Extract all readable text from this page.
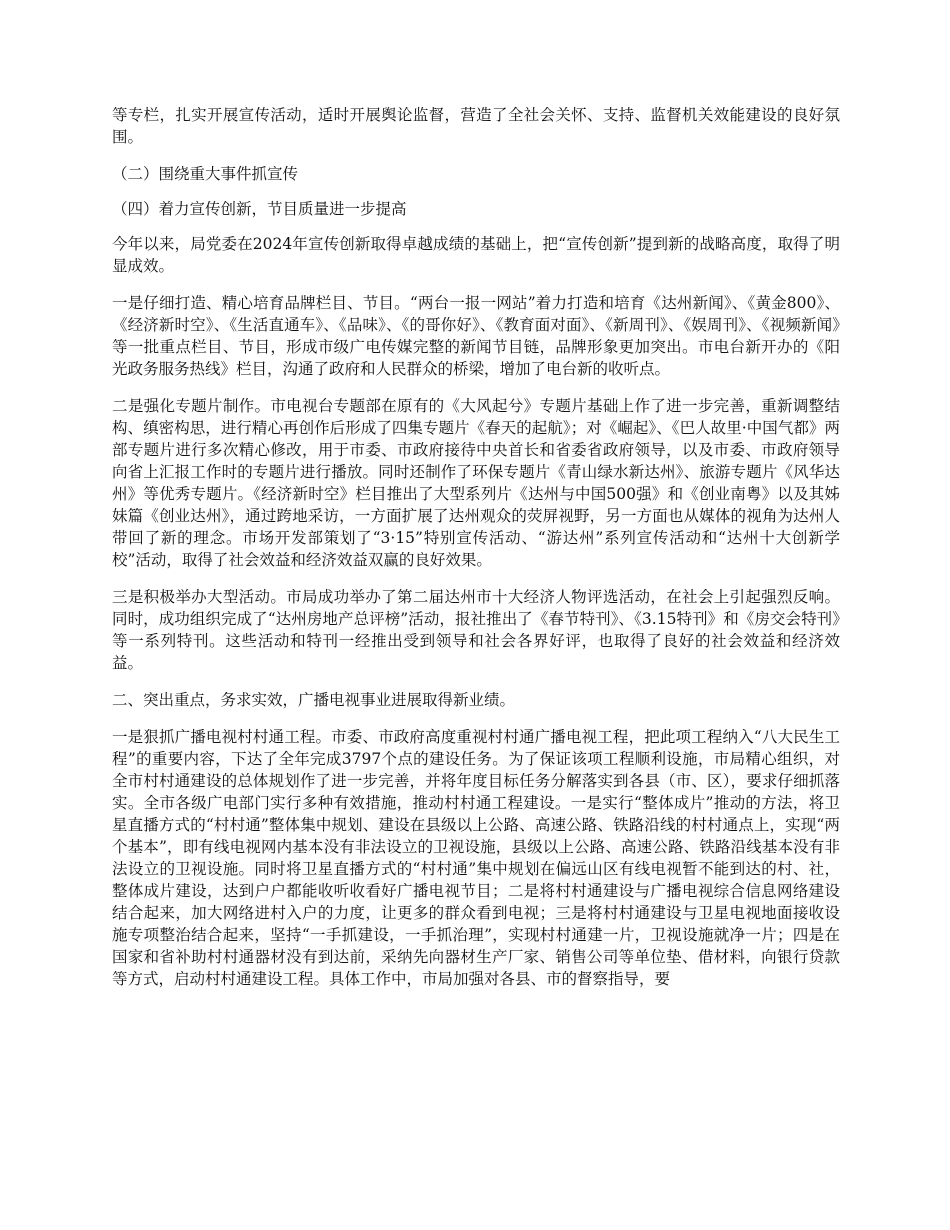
等专栏，扎实开展宣传活动，适时开展舆论监督，营造了全社会关怀、支持、监督机关效能建设的良好氛围。

（二）围绕重大事件抓宣传

（四）着力宣传创新，节目质量进一步提高

今年以来，局党委在2024年宣传创新取得卓越成绩的基础上，把“宣传创新”提到新的战略高度，取得了明显成效。

一是仔细打造、精心培育品牌栏目、节目。“两台一报一网站”着力打造和培育《达州新闻》、《黄金800》、《经济新时空》、《生活直通车》、《品味》、《的哥你好》、《教育面对面》、《新周刊》、《娱周刊》、《视频新闻》等一批重点栏目、节目，形成市级广电传媒完整的新闻节目链，品牌形象更加突出。市电台新开办的《阳光政务服务热线》栏目，沟通了政府和人民群众的桥梁，增加了电台新的收听点。

二是强化专题片制作。市电视台专题部在原有的《大风起兮》专题片基础上作了进一步完善，重新调整结构、缜密构思，进行精心再创作后形成了四集专题片《春天的起航》；对《崛起》、《巴人故里·中国气都》两部专题片进行多次精心修改，用于市委、市政府接待中央首长和省委省政府领导，以及市委、市政府领导向省上汇报工作时的专题片进行播放。同时还制作了环保专题片《青山绿水新达州》、旅游专题片《风华达州》等优秀专题片。《经济新时空》栏目推出了大型系列片《达州与中国500强》和《创业南粤》以及其姊妹篇《创业达州》，通过跨地采访，一方面扩展了达州观众的荧屏视野，另一方面也从媒体的视角为达州人带回了新的理念。市场开发部策划了“3·15”特别宣传活动、“游达州”系列宣传活动和“达州十大创新学校”活动，取得了社会效益和经济效益双赢的良好效果。

三是积极举办大型活动。市局成功举办了第二届达州市十大经济人物评选活动，在社会上引起强烈反响。同时，成功组织完成了“达州房地产总评榜”活动，报社推出了《春节特刊》、《3.15特刊》和《房交会特刊》等一系列特刊。这些活动和特刊一经推出受到领导和社会各界好评，也取得了良好的社会效益和经济效益。

二、突出重点，务求实效，广播电视事业进展取得新业绩。

一是狠抓广播电视村村通工程。市委、市政府高度重视村村通广播电视工程，把此项工程纳入“八大民生工程”的重要内容，下达了全年完成3797个点的建设任务。为了保证该项工程顺利设施，市局精心组织，对全市村村通建设的总体规划作了进一步完善，并将年度目标任务分解落实到各县（市、区），要求仔细抓落实。全市各级广电部门实行多种有效措施，推动村村通工程建设。一是实行“整体成片”推动的方法，将卫星直播方式的“村村通”整体集中规划、建设在县级以上公路、高速公路、铁路沿线的村村通点上，实现“两个基本”，即有线电视网内基本没有非法设立的卫视设施，县级以上公路、高速公路、铁路沿线基本没有非法设立的卫视设施。同时将卫星直播方式的“村村通”集中规划在偏远山区有线电视暂不能到达的村、社，整体成片建设，达到户户都能收听收看好广播电视节目；二是将村村通建设与广播电视综合信息网络建设结合起来，加大网络进村入户的力度，让更多的群众看到电视；三是将村村通建设与卫星电视地面接收设施专项整治结合起来，坚持“一手抓建设，一手抓治理”，实现村村通建一片，卫视设施就净一片；四是在国家和省补助村村通器材没有到达前，采纳先向器材生产厂家、销售公司等单位垫、借材料，向银行贷款等方式，启动村村通建设工程。具体工作中，市局加强对各县、市的督察指导，要
